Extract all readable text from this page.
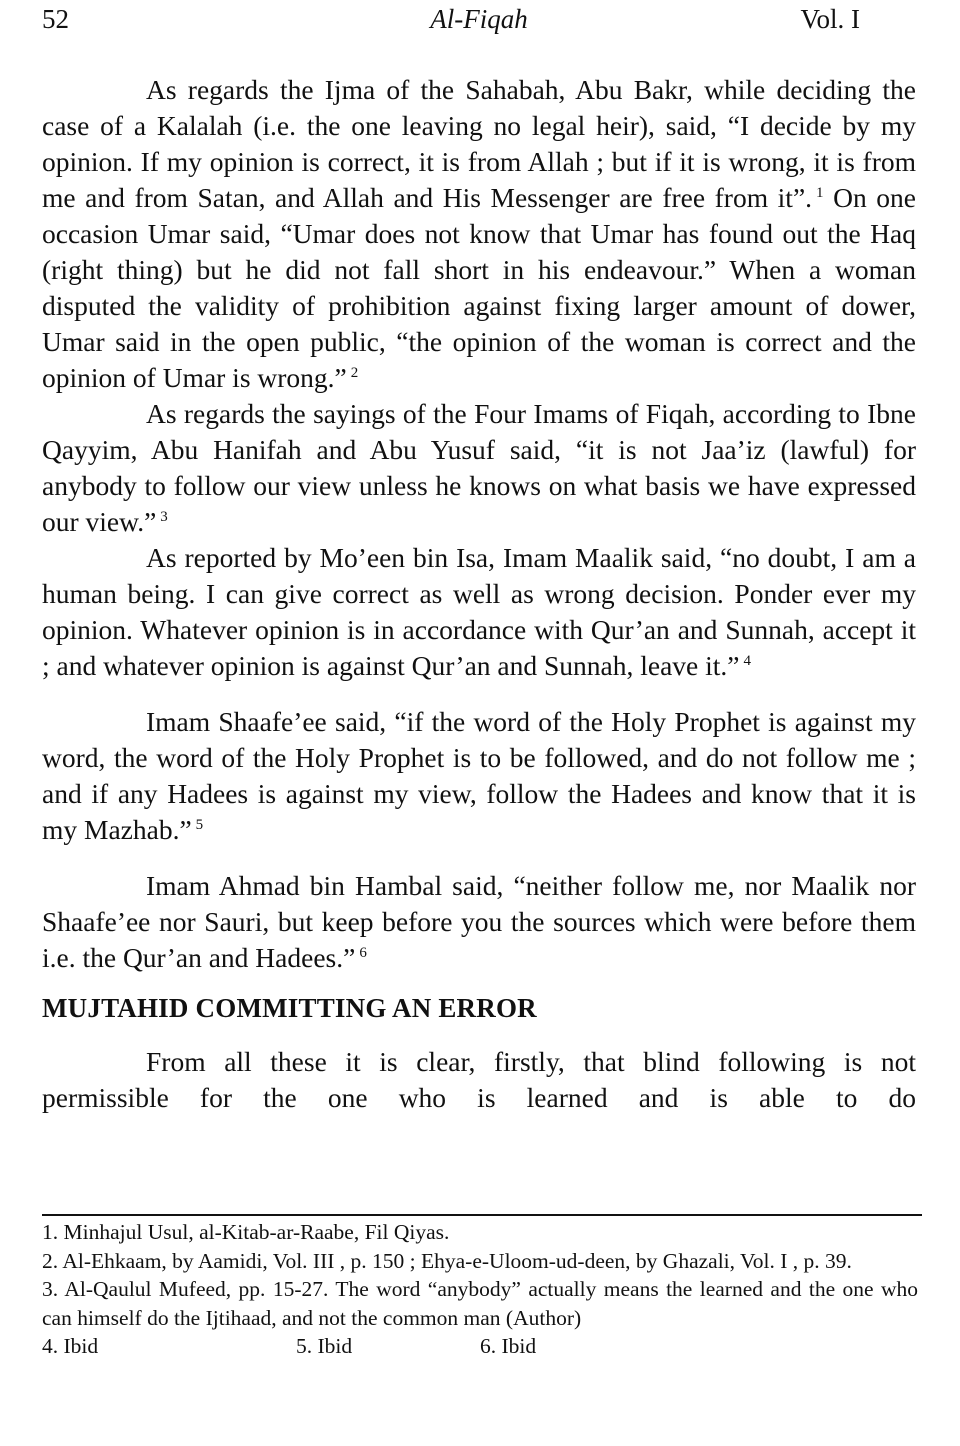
52	Al-Fiqah	Vol. I

As regards the Ijma of the Sahabah, Abu Bakr, while deciding the case of a Kalalah (i.e. the one leaving no legal heir), said, “I decide by my opinion. If my opinion is correct, it is from Allah ; but if it is wrong, it is from me and from Satan, and Allah and His Messenger are free from it”. $^1$ On one occasion Umar said, “Umar does not know that Umar has found out the Haq (right thing) but he did not fall short in his endeavour.” When a woman disputed the validity of prohibition against fixing larger amount of dower, Umar said in the open public, “the opinion of the woman is correct and the opinion of Umar is wrong.” $^2$

As regards the sayings of the Four Imams of Fiqah, according to Ibne Qayyim, Abu Hanifah and Abu Yusuf said, “it is not Jaa’iz (lawful) for anybody to follow our view unless he knows on what basis we have expressed our view.” $^3$

As reported by Mo’een bin Isa, Imam Maalik said, “no doubt, I am a human being. I can give correct as well as wrong decision. Ponder ever my opinion. Whatever opinion is in accordance with Qur’an and Sunnah, accept it ; and whatever opinion is against Qur’an and Sunnah, leave it.” $^4$

Imam Shaafe’ee said, “if the word of the Holy Prophet is against my word, the word of the Holy Prophet is to be followed, and do not follow me ; and if any Hadees is against my view, follow the Hadees and know that it is my Mazhab.” $^5$

Imam Ahmad bin Hambal said, “neither follow me, nor Maalik nor Shaafe’ee nor Sauri, but keep before you the sources which were before them i.e. the Qur’an and Hadees.” $^6$

MUJTAHID COMMITTING AN ERROR

From all these it is clear, firstly, that blind following is not permissible for the one who is learned and is able to do

1. Minhajul Usul, al-Kitab-ar-Raabe, Fil Qiyas.
2. Al-Ehkaam, by Aamidi, Vol. III , p. 150 ; Ehya-e-Uloom-ud-deen, by Ghazali, Vol. I , p. 39.
3. Al-Qaulul Mufeed, pp. 15-27. The word “anybody” actually means the learned and the one who can himself do the Ijtihaad, and not the common man (Author)
4. Ibid	5. Ibid	6. Ibid
